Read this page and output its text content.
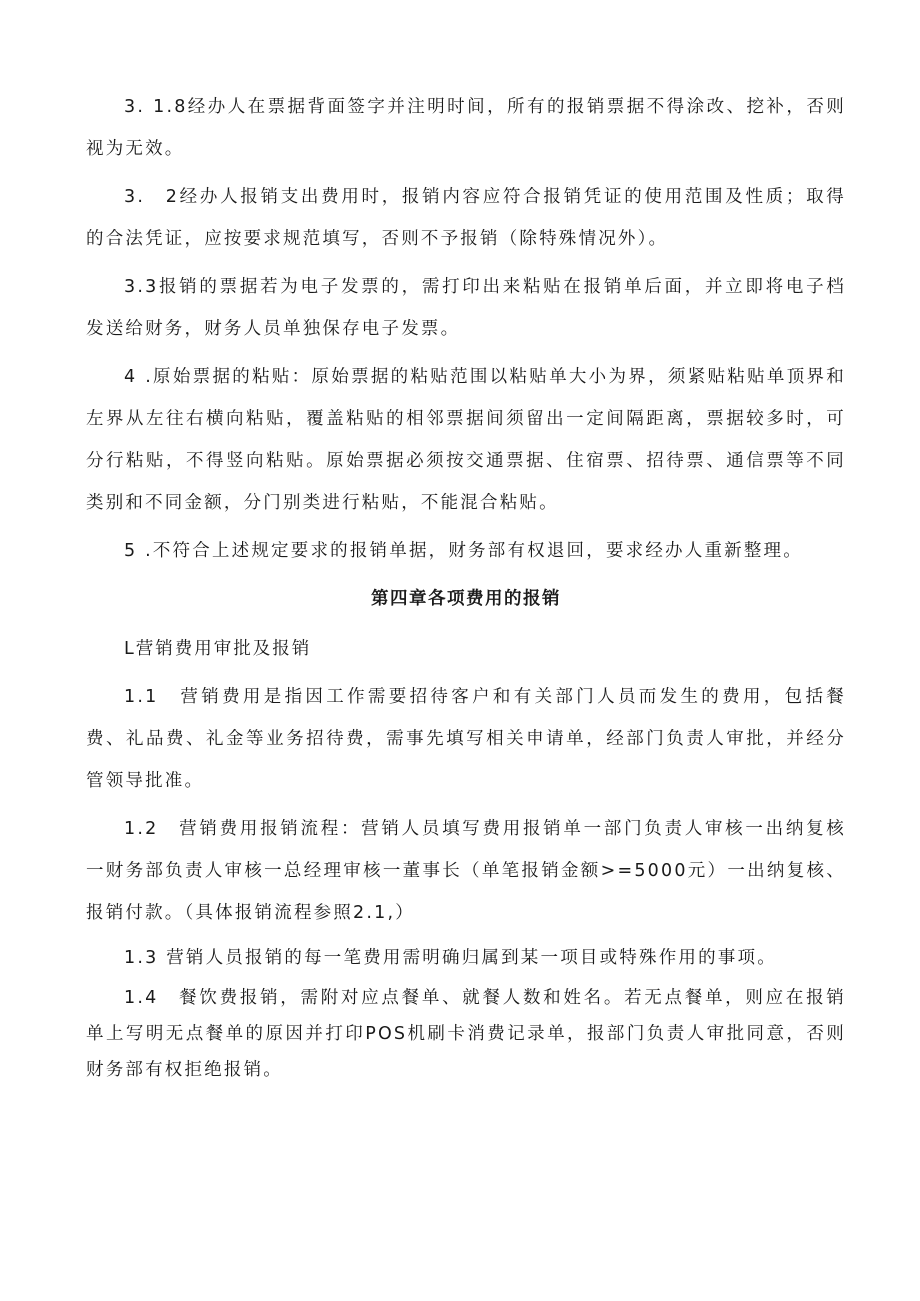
3. 1.8经办人在票据背面签字并注明时间，所有的报销票据不得涂改、挖补，否则视为无效。

3.　2经办人报销支出费用时，报销内容应符合报销凭证的使用范围及性质；取得的合法凭证，应按要求规范填写，否则不予报销（除特殊情况外）。

3.3报销的票据若为电子发票的，需打印出来粘贴在报销单后面，并立即将电子档发送给财务，财务人员单独保存电子发票。

4 .原始票据的粘贴：原始票据的粘贴范围以粘贴单大小为界，须紧贴粘贴单顶界和左界从左往右横向粘贴，覆盖粘贴的相邻票据间须留出一定间隔距离，票据较多时，可分行粘贴，不得竖向粘贴。原始票据必须按交通票据、住宿票、招待票、通信票等不同类别和不同金额，分门别类进行粘贴，不能混合粘贴。

5 .不符合上述规定要求的报销单据，财务部有权退回，要求经办人重新整理。

第四章各项费用的报销
L营销费用审批及报销

1.1　营销费用是指因工作需要招待客户和有关部门人员而发生的费用，包括餐费、礼品费、礼金等业务招待费，需事先填写相关申请单，经部门负责人审批，并经分管领导批准。

1.2　营销费用报销流程：营销人员填写费用报销单一部门负责人审核一出纳复核一财务部负责人审核一总经理审核一董事长（单笔报销金额>=5000元）一出纳复核、报销付款。（具体报销流程参照2.1,）

1.3 营销人员报销的每一笔费用需明确归属到某一项目或特殊作用的事项。

1.4　餐饮费报销，需附对应点餐单、就餐人数和姓名。若无点餐单，则应在报销单上写明无点餐单的原因并打印POS机刷卡消费记录单，报部门负责人审批同意，否则财务部有权拒绝报销。
